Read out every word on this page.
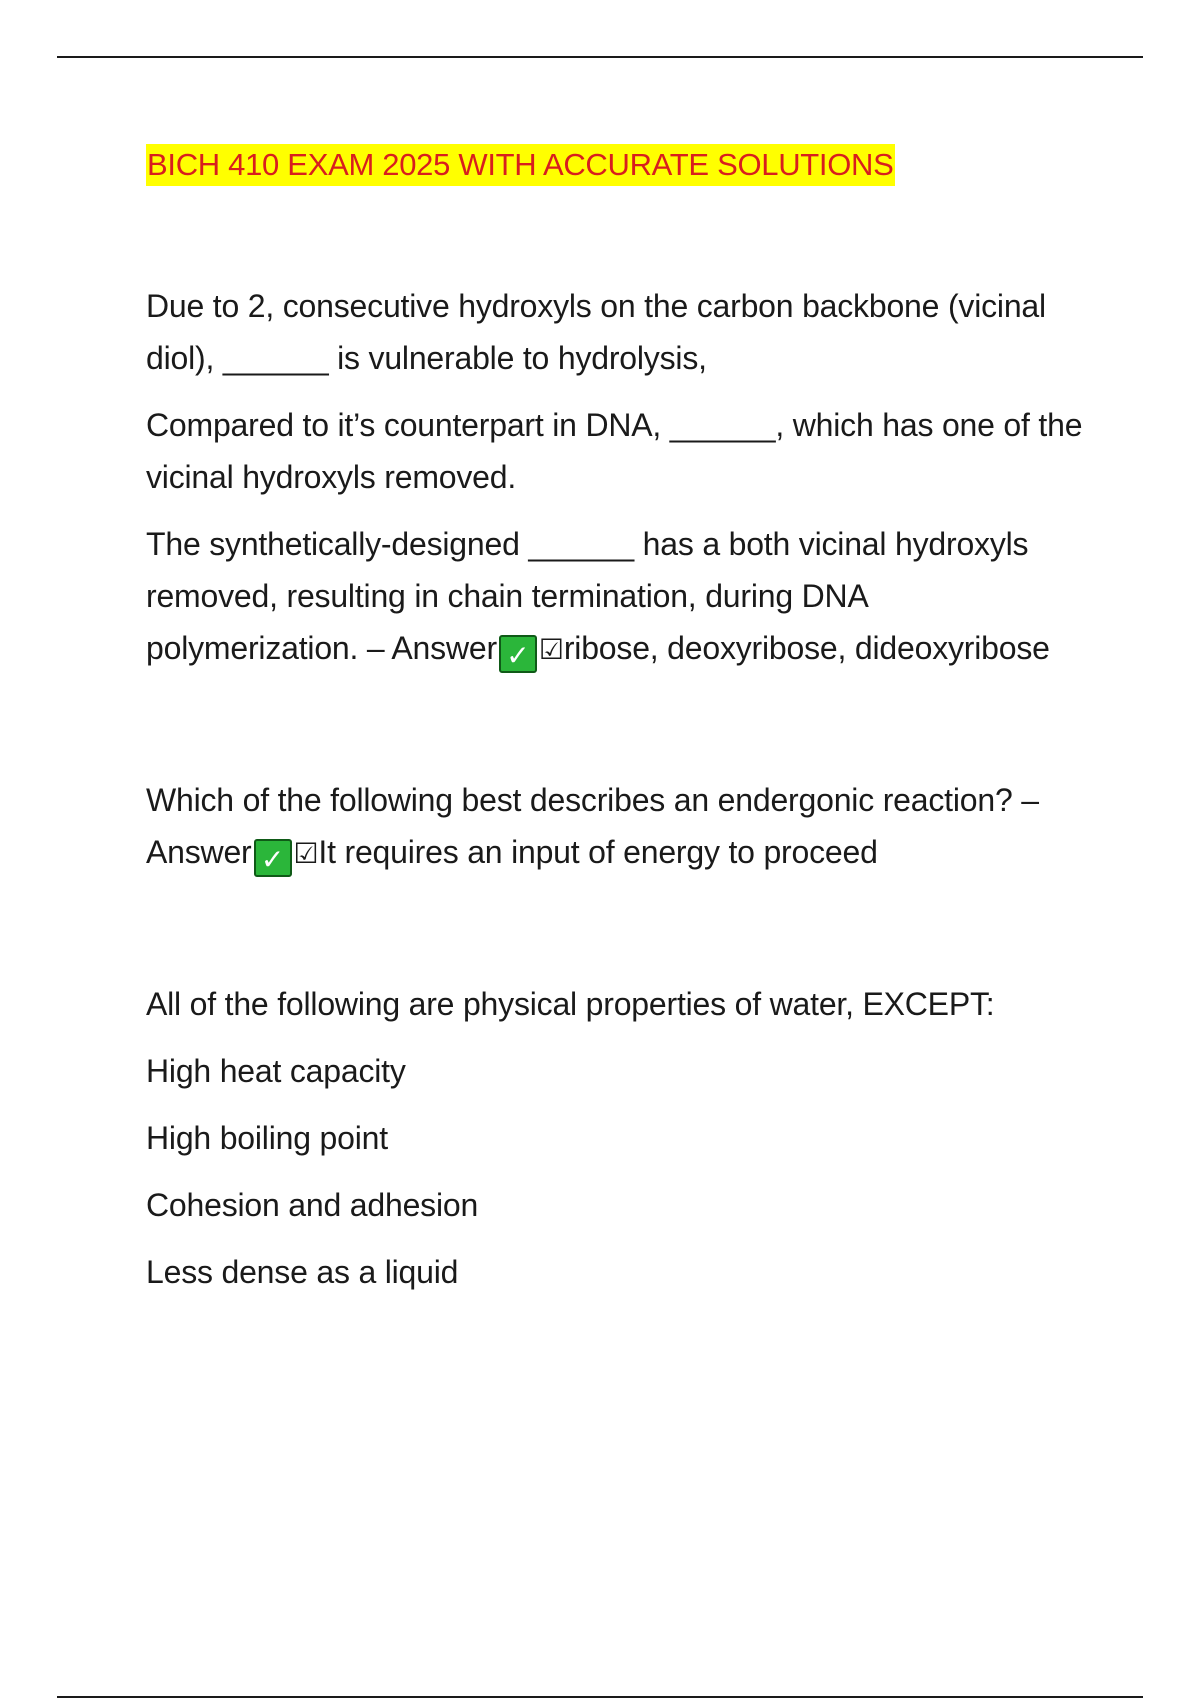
BICH 410 EXAM 2025 WITH ACCURATE SOLUTIONS

Due to 2, consecutive hydroxyls on the carbon backbone (vicinal diol), ______ is vulnerable to hydrolysis,

Compared to it’s counterpart in DNA, ______, which has one of the vicinal hydroxyls removed.

The synthetically-designed ______ has a both vicinal hydroxyls removed, resulting in chain termination, during DNA polymerization. – Answer ✓ ☑ribose, deoxyribose, dideoxyribose

Which of the following best describes an endergonic reaction? – Answer ✓ ☑It requires an input of energy to proceed

All of the following are physical properties of water, EXCEPT:

High heat capacity

High boiling point

Cohesion and adhesion

Less dense as a liquid
